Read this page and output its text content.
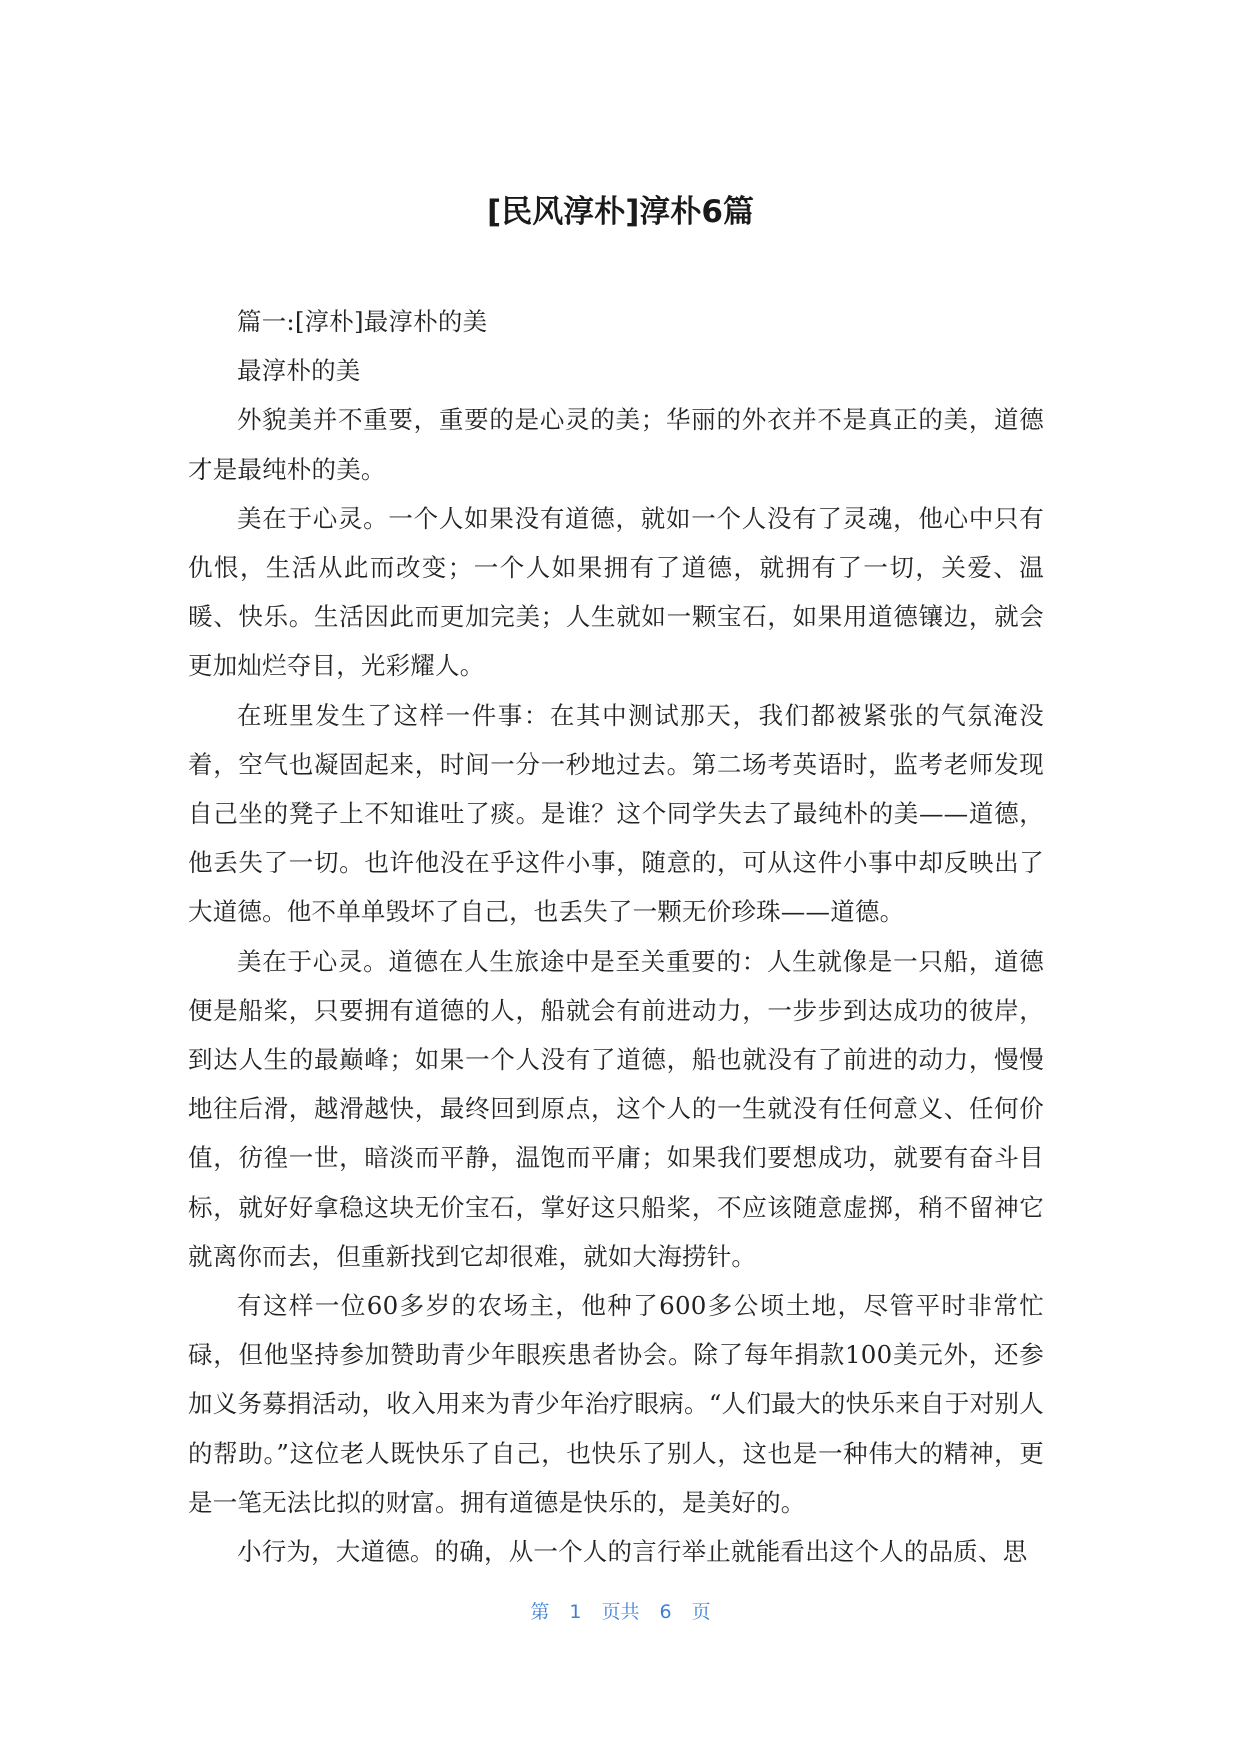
[民风淳朴]淳朴6篇

篇一:[淳朴]最淳朴的美

最淳朴的美

外貌美并不重要，重要的是心灵的美；华丽的外衣并不是真正的美，道德才是最纯朴的美。

美在于心灵。一个人如果没有道德，就如一个人没有了灵魂，他心中只有仇恨，生活从此而改变；一个人如果拥有了道德，就拥有了一切，关爱、温暖、快乐。生活因此而更加完美；人生就如一颗宝石，如果用道德镶边，就会更加灿烂夺目，光彩耀人。

在班里发生了这样一件事：在其中测试那天，我们都被紧张的气氛淹没着，空气也凝固起来，时间一分一秒地过去。第二场考英语时，监考老师发现自己坐的凳子上不知谁吐了痰。是谁？这个同学失去了最纯朴的美——道德，他丢失了一切。也许他没在乎这件小事，随意的，可从这件小事中却反映出了大道德。他不单单毁坏了自己，也丢失了一颗无价珍珠——道德。

美在于心灵。道德在人生旅途中是至关重要的：人生就像是一只船，道德便是船桨，只要拥有道德的人，船就会有前进动力，一步步到达成功的彼岸，到达人生的最巅峰；如果一个人没有了道德，船也就没有了前进的动力，慢慢地往后滑，越滑越快，最终回到原点，这个人的一生就没有任何意义、任何价值，彷徨一世，暗淡而平静，温饱而平庸；如果我们要想成功，就要有奋斗目标，就好好拿稳这块无价宝石，掌好这只船桨，不应该随意虚掷，稍不留神它就离你而去，但重新找到它却很难，就如大海捞针。

有这样一位60多岁的农场主，他种了600多公顷土地，尽管平时非常忙碌，但他坚持参加赞助青少年眼疾患者协会。除了每年捐款100美元外，还参加义务募捐活动，收入用来为青少年治疗眼病。“人们最大的快乐来自于对别人的帮助。”这位老人既快乐了自己，也快乐了别人，这也是一种伟大的精神，更是一笔无法比拟的财富。拥有道德是快乐的，是美好的。

小行为，大道德。的确，从一个人的言行举止就能看出这个人的品质、思

第 1 页共 6 页
